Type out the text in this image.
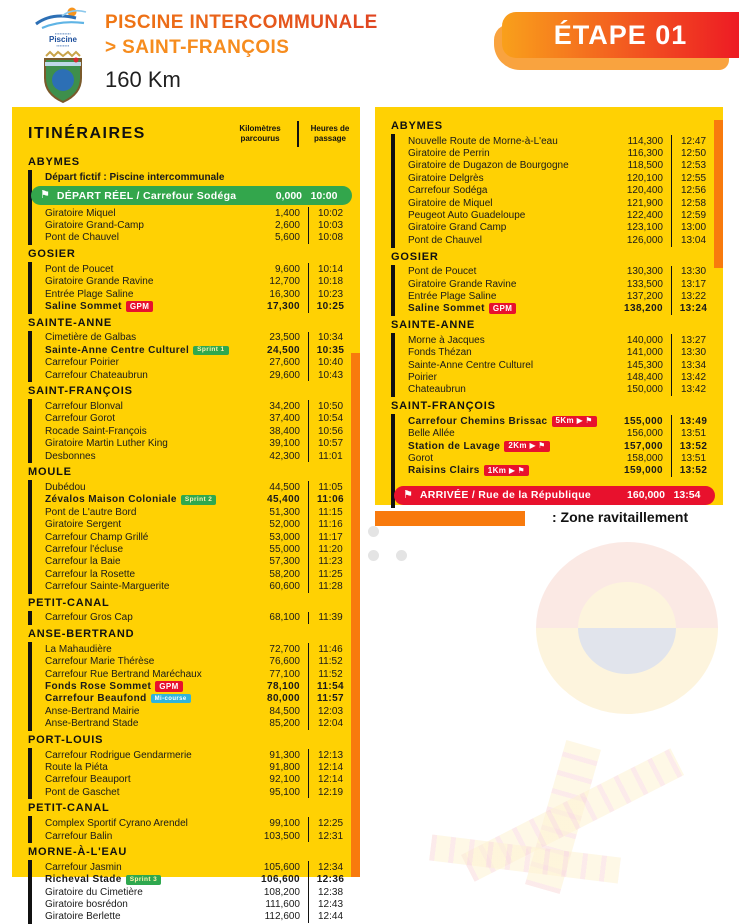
▪▪▪▪▪▪▪▪▪▪
Piscine
▪▪▪▪▪▪▪▪
PISCINE INTERCOMMUNALE
> SAINT-FRANÇOIS
160 Km
ÉTAPE 01
ITINÉRAIRES	Kilomètres
parcourus
Heures de
passage
ABYMES
Départ fictif : Piscine intercommunale
⚑ DÉPART RÉEL / Carrefour Sodéga	0,000 10:00
Giratoire Miquel	1,400	10:02
Giratoire Grand-Camp	2,600	10:03
Pont de Chauvel	5,600	10:08
GOSIER
Pont de Poucet	9,600	10:14
Giratoire Grande Ravine	12,700	10:18
Entrée Plage Saline	16,300	10:23
Saline Sommet GPM	17,300	10:25
SAINTE-ANNE
Cimetière de Galbas	23,500	10:34
Sainte-Anne Centre Culturel Sprint 1	24,500	10:35
Carrefour Poirier	27,600	10:40
Carrefour Chateaubrun	29,600	10:43
SAINT-FRANÇOIS
Carrefour Blonval	34,200	10:50
Carrefour Gorot	37,400	10:54
Rocade Saint-François	38,400	10:56
Giratoire Martin Luther King	39,100	10:57
Desbonnes	42,300	11:01
MOULE
Dubédou	44,500	11:05
Zévalos Maison Coloniale Sprint 2	45,400	11:06
Pont de L'autre Bord	51,300	11:15
Giratoire Sergent	52,000	11:16
Carrefour Champ Grillé	53,000	11:17
Carrefour l'écluse	55,000	11:20
Carrefour la Baie	57,300	11:23
Carrefour la Rosette	58,200	11:25
Carrefour Sainte-Marguerite	60,600	11:28
PETIT-CANAL
Carrefour Gros Cap	68,100	11:39
ANSE-BERTRAND
La Mahaudière	72,700	11:46
Carrefour Marie Thérèse	76,600	11:52
Carrefour Rue Bertrand Maréchaux	77,100	11:52
Fonds Rose Sommet GPM	78,100	11:54
Carrefour Beaufond Mi-course	80,000	11:57
Anse-Bertrand Mairie	84,500	12:03
Anse-Bertrand Stade	85,200	12:04
PORT-LOUIS
Carrefour Rodrigue Gendarmerie	91,300	12:13
Route la Piéta	91,800	12:14
Carrefour Beauport	92,100	12:14
Pont de Gaschet	95,100	12:19
PETIT-CANAL
Complex Sportif Cyrano Arendel	99,100	12:25
Carrefour Balin	103,500	12:31
MORNE-À-L'EAU
Carrefour Jasmin	105,600	12:34
Richeval Stade Sprint 3	106,600	12:36
Giratoire du Cimetière	108,200	12:38
Giratoire bosrédon	111,600	12:43
Giratoire Berlette	112,600	12:44
ABYMES
Nouvelle Route de Morne-à-L'eau	114,300	12:47
Giratoire de Perrin	116,300	12:50
Giratoire de Dugazon de Bourgogne	118,500	12:53
Giratoire Delgrès	120,100	12:55
Carrefour Sodéga	120,400	12:56
Giratoire de Miquel	121,900	12:58
Peugeot Auto Guadeloupe	122,400	12:59
Giratoire Grand Camp	123,100	13:00
Pont de Chauvel	126,000	13:04
GOSIER
Pont de Poucet	130,300	13:30
Giratoire Grande Ravine	133,500	13:17
Entrée Plage Saline	137,200	13:22
Saline Sommet GPM	138,200	13:24
SAINTE-ANNE
Morne à Jacques	140,000	13:27
Fonds Thézan	141,000	13:30
Sainte-Anne Centre Culturel	145,300	13:34
Poirier	148,400	13:42
Chateaubrun	150,000	13:42
SAINT-FRANÇOIS
Carrefour Chemins Brissac 5Km ▶ ⚑	155,000	13:49
Belle Allée	156,000	13:51
Station de Lavage 2Km ▶ ⚑	157,000	13:52
Gorot	158,000	13:51
Raisins Clairs 1Km ▶ ⚑	159,000	13:52
⚑ ARRIVÉE / Rue de la République	160,000 13:54
: Zone ravitaillement
